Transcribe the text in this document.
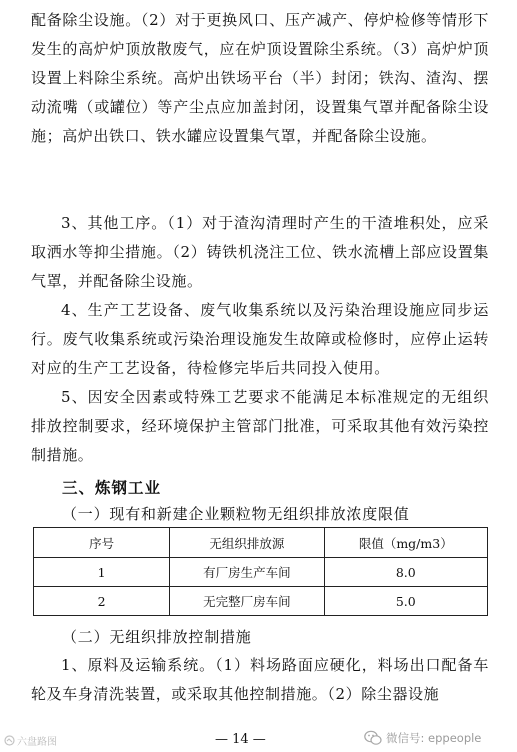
配备除尘设施。（2）对于更换风口、压产减产、停炉检修等情形下发生的高炉炉顶放散废气，应在炉顶设置除尘系统。（3）高炉炉顶设置上料除尘系统。高炉出铁场平台（半）封闭；铁沟、渣沟、摆动流嘴（或罐位）等产尘点应加盖封闭，设置集气罩并配备除尘设施；高炉出铁口、铁水罐应设置集气罩，并配备除尘设施。

3、其他工序。（1）对于渣沟清理时产生的干渣堆积处，应采取洒水等抑尘措施。（2）铸铁机浇注工位、铁水流槽上部应设置集气罩，并配备除尘设施。

4、生产工艺设备、废气收集系统以及污染治理设施应同步运行。废气收集系统或污染治理设施发生故障或检修时，应停止运转对应的生产工艺设备，待检修完毕后共同投入使用。

5、因安全因素或特殊工艺要求不能满足本标准规定的无组织排放控制要求，经环境保护主管部门批准，可采取其他有效污染控制措施。

三、炼钢工业

（一）现有和新建企业颗粒物无组织排放浓度限值

序号	无组织排放源	限值（mg/m3）
1	有厂房生产车间	8.0
2	无完整厂房车间	5.0

（二）无组织排放控制措施

1、原料及运输系统。（1）料场路面应硬化，料场出口配备车轮及车身清洗装置，或采取其他控制措施。（2）除尘器设施

— 14 —
六盘路图	微信号: eppeople
